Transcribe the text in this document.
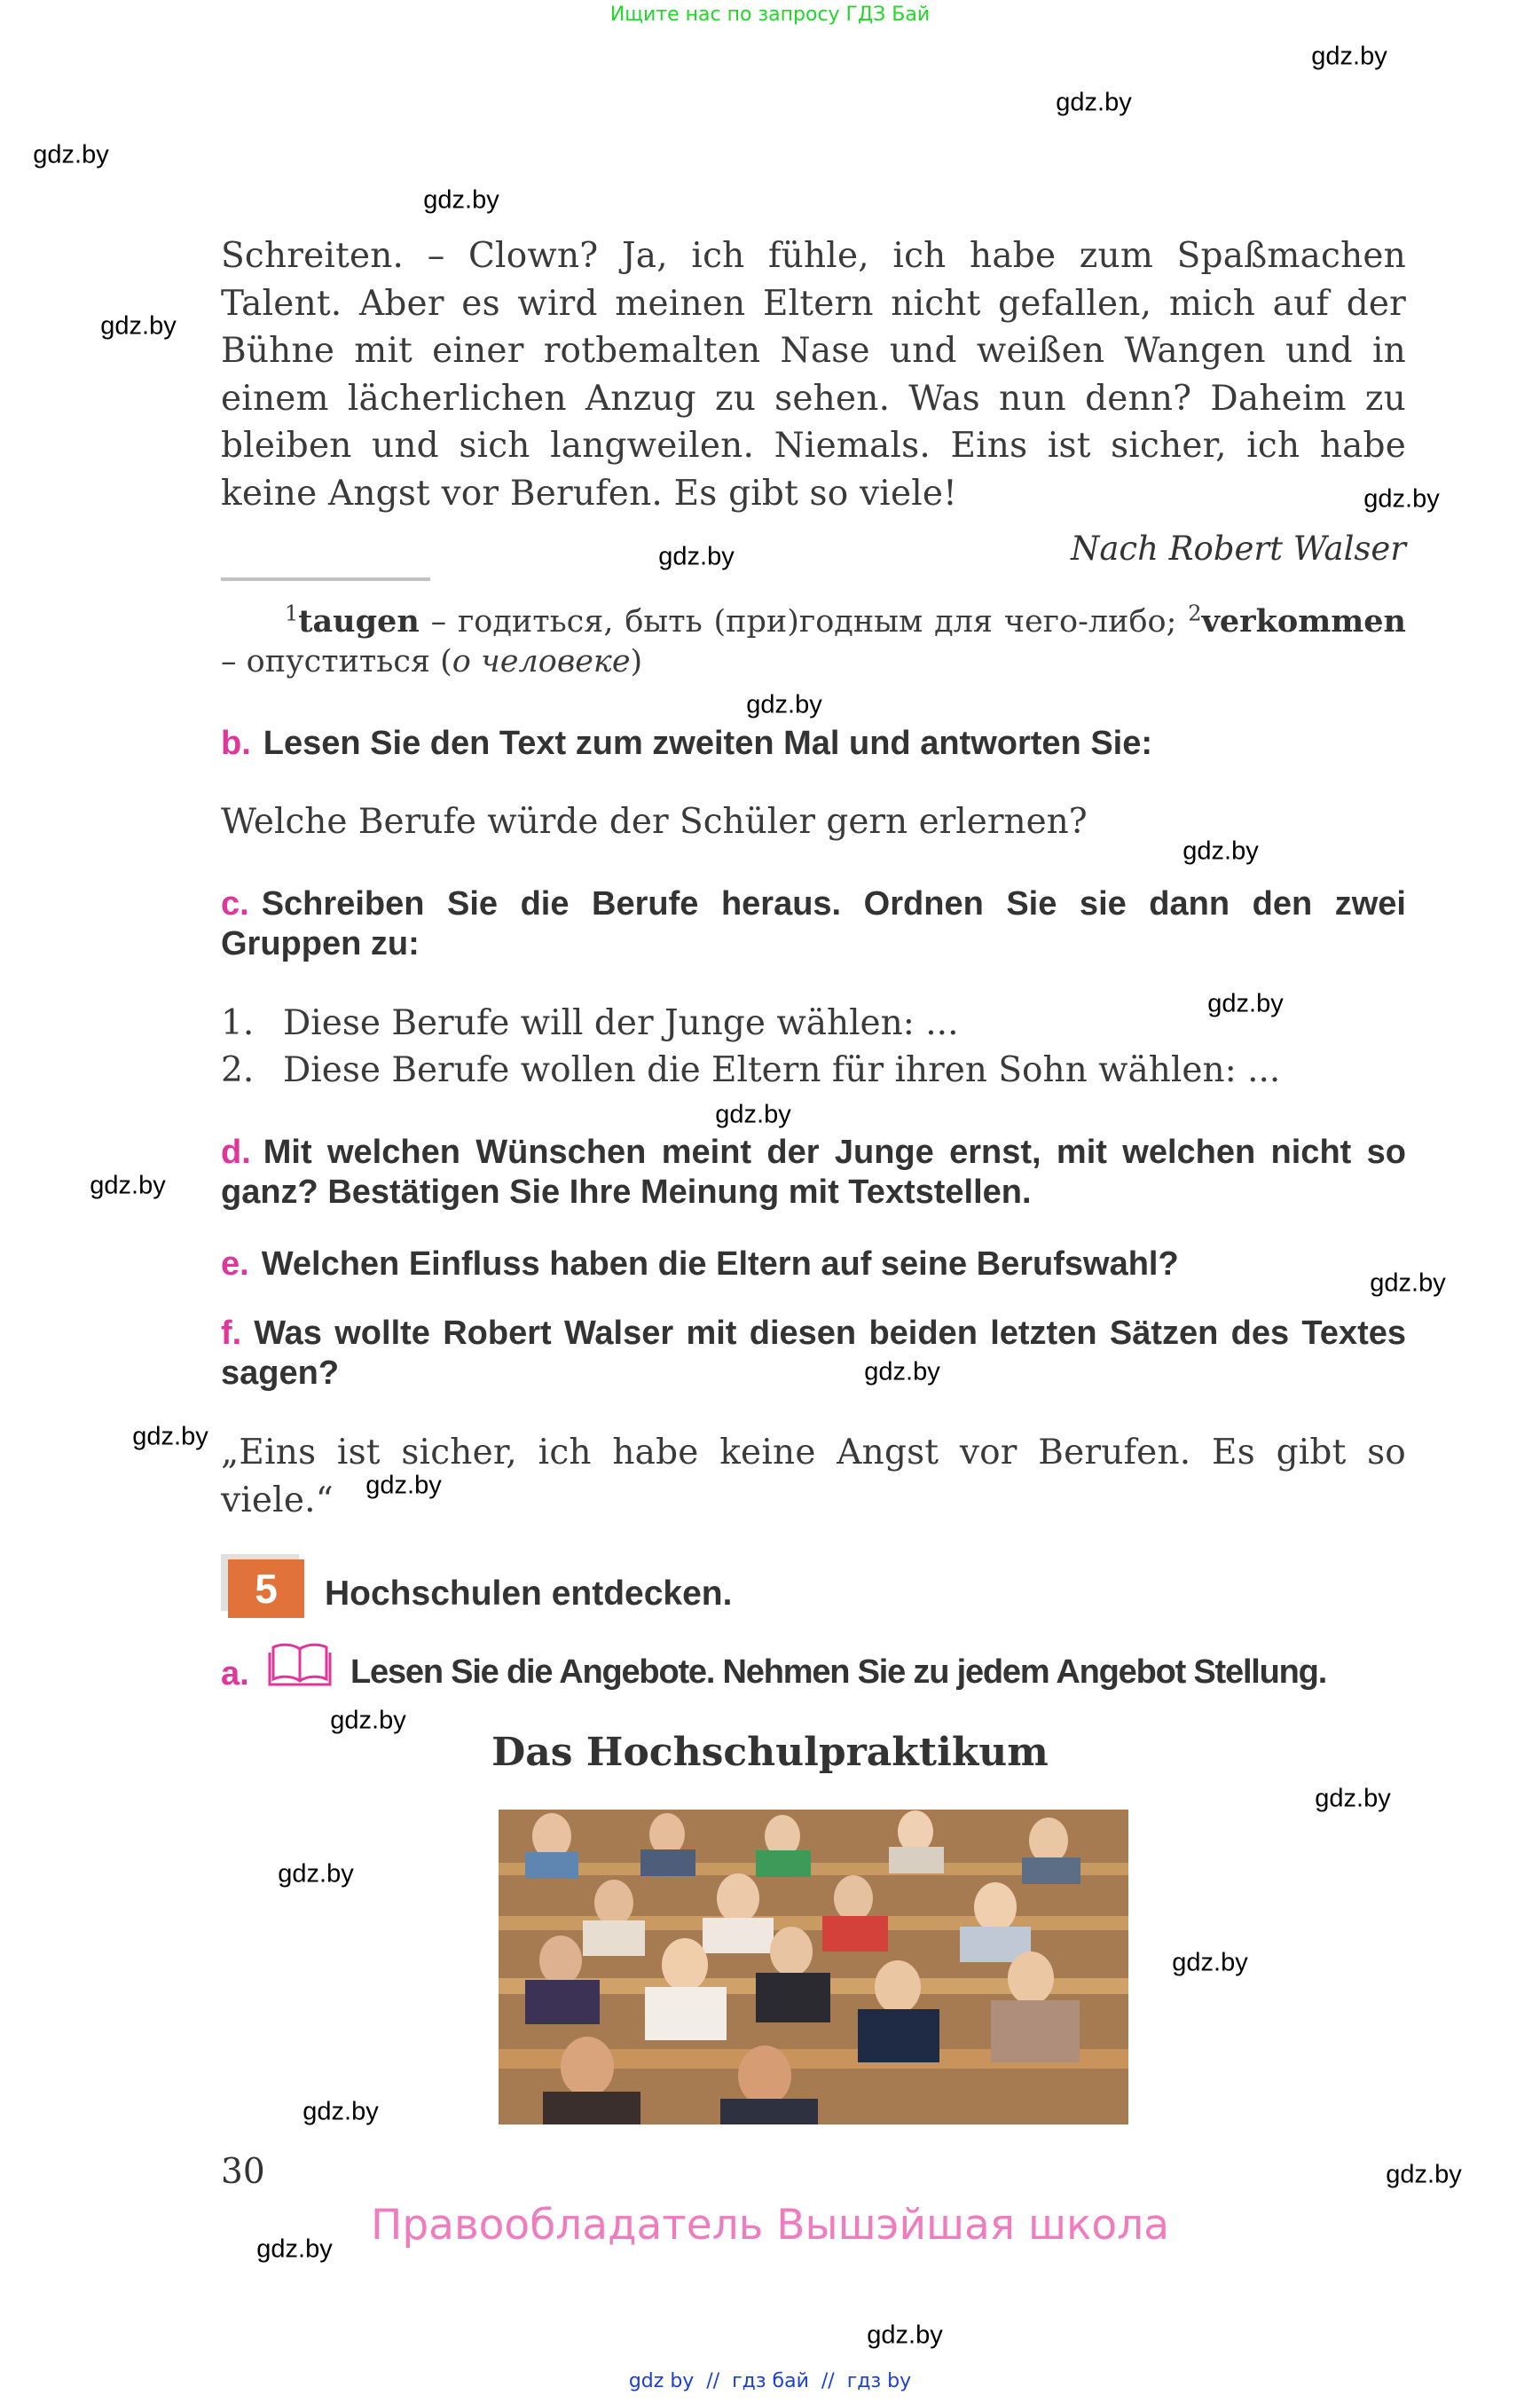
Ищите нас по запросу ГДЗ Бай
Schreiten. – Clown? Ja, ich fühle, ich habe zum Spaßmachen Talent. Aber es wird meinen Eltern nicht gefallen, mich auf der Bühne mit einer rotbemalten Nase und weißen Wangen und in einem lächerlichen Anzug zu sehen. Was nun denn? Daheim zu bleiben und sich langweilen. Niemals. Eins ist sicher, ich habe keine Angst vor Berufen. Es gibt so viele!
Nach Robert Walser
$^1$taugen – годиться, быть (при)годным для чего-либо; $^2$verkommen – опуститься (о человеке)
b. Lesen Sie den Text zum zweiten Mal und antworten Sie:
Welche Berufe würde der Schüler gern erlernen?
c. Schreiben Sie die Berufe heraus. Ordnen Sie sie dann den zwei Gruppen zu:
1. Diese Berufe will der Junge wählen: ...
2. Diese Berufe wollen die Eltern für ihren Sohn wählen: ...
d. Mit welchen Wünschen meint der Junge ernst, mit welchen nicht so ganz? Bestätigen Sie Ihre Meinung mit Textstellen.
e. Welchen Einfluss haben die Eltern auf seine Berufswahl?
f. Was wollte Robert Walser mit diesen beiden letzten Sätzen des Textes sagen?
„Eins ist sicher, ich habe keine Angst vor Berufen. Es gibt so viele.“
5	Hochschulen entdecken.
a.	Lesen Sie die Angebote. Nehmen Sie zu jedem Angebot Stellung.
Das Hochschulpraktikum
30
Правообладатель Вышэйшая школа
gdz by  //  гдз бай  //  гдз by
gdz.by
gdz.by
gdz.by
gdz.by
gdz.by
gdz.by
gdz.by
gdz.by
gdz.by
gdz.by
gdz.by
gdz.by
gdz.by
gdz.by
gdz.by
gdz.by
gdz.by
gdz.by
gdz.by
gdz.by
gdz.by
gdz.by
gdz.by
gdz.by
